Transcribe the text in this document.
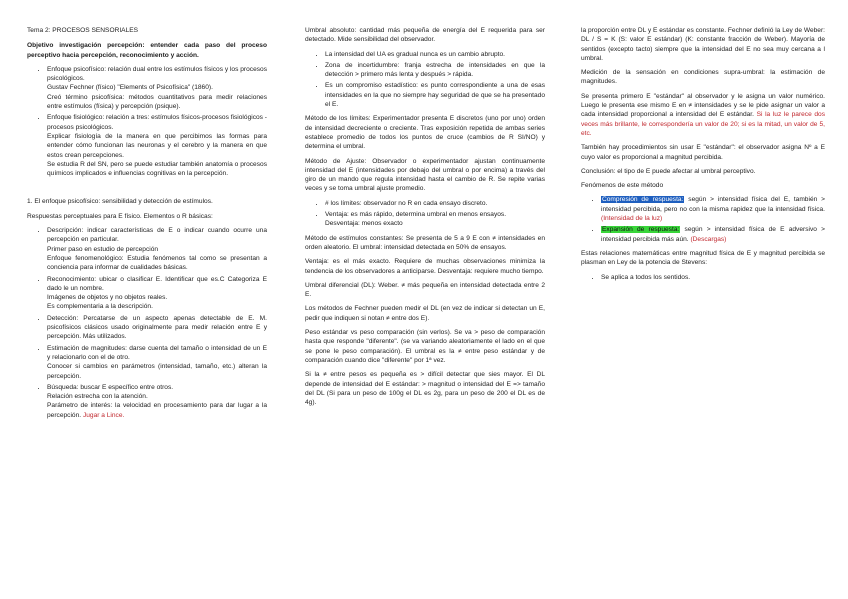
Tema 2: PROCESOS SENSORIALES

Objetivo investigación percepción: entender cada paso del proceso perceptivo hacia percepción, reconocimiento y acción.

• Enfoque psicofísico: relación dual entre los estímulos físicos y los procesos psicológicos.
Gustav Fechner (físico) "Elements of Psicofísica" (1860).
Creó término psicofísica: métodos cuantitativos para medir relaciones entre estímulos (física) y percepción (psique).
• Enfoque fisiológico: relación a tres: estímulos físicos-procesos fisiológicos - procesos psicológicos.
Explicar fisiología de la manera en que percibimos las formas para entender cómo funcionan las neuronas y el cerebro y la manera en que estos crean percepciones.
Se estudia R del SN, pero se puede estudiar también anatomía o procesos químicos implicados e influencias cognitivas en la percepción.

1. El enfoque psicofísico: sensibilidad y detección de estímulos.

Respuestas perceptuales para E físico. Elementos o R básicas:

• Descripción: indicar características de E o indicar cuando ocurre una percepción en particular.
Primer paso en estudio de percepción
Enfoque fenomenológico: Estudia fenómenos tal como se presentan a conciencia para informar de cualidades básicas.
• Reconocimiento: ubicar o clasificar E. Identificar que es.C Categoriza E dado le un nombre.
Imágenes de objetos y no objetos reales.
Es complementaria a la descripción.
• Detección: Percatarse de un aspecto apenas detectable de E. M. psicofísicos clásicos usado originalmente para medir relación entre E y percepción. Más utilizados.
• Estimación de magnitudes: darse cuenta del tamaño o intensidad de un E y relacionarlo con el de otro.
Conocer si cambios en parámetros (intensidad, tamaño, etc.) alteran la percepción.
• Búsqueda: buscar E específico entre otros.
Relación estrecha con la atención.
Parámetro de interés: la velocidad en procesamiento para dar lugar a la percepción. Jugar a Lince.

Umbral absoluto: cantidad más pequeña de energía del E requerida para ser detectado. Mide sensibilidad del observador.

• La intensidad del UA es gradual nunca es un cambio abrupto.
• Zona de incertidumbre: franja estrecha de intensidades en que la detección > primero más lenta y después > rápida.
• Es un compromiso estadístico: es punto correspondiente a una de esas intensidades en la que no siempre hay seguridad de que se ha presentado el E.

Método de los límites: Experimentador presenta E discretos (uno por uno) orden de intensidad decreciente o creciente. Tras exposición repetida de ambas series establece promedio de todos los puntos de cruce (cambios de R SI/NO) y determina el umbral.

Método de Ajuste: Observador o experimentador ajustan continuamente intensidad del E (intensidades por debajo del umbral o por encima) a través del giro de un mando que regula intensidad hasta el cambio de R. Se repite varias veces y se toma umbral ajuste promedio.

• # los límites: observador no R en cada ensayo discreto.
• Ventaja: es más rápido, determina umbral en menos ensayos.
Desventaja: menos exacto

Método de estímulos constantes: Se presenta de 5 a 9 E con ≠ intensidades en orden aleatorio. El umbral: intensidad detectada en 50% de ensayos.

Ventaja: es el más exacto. Requiere de muchas observaciones minimiza la tendencia de los observadores a anticiparse. Desventaja: requiere mucho tiempo.

Umbral diferencial (DL): Weber. ≠ más pequeña en intensidad detectada entre 2 E.

Los métodos de Fechner pueden medir el DL (en vez de indicar si detectan un E, pedir que indiquen si notan ≠ entre dos E).

Peso estándar vs peso comparación (sin verlos). Se va > peso de comparación hasta que responde "diferente". (se va variando aleatoriamente el lado en el que se pone le peso comparación). El umbral es la ≠ entre peso estándar y de comparación cuando dice "diferente" por 1ª vez.

Si la ≠ entre pesos es pequeña es > difícil detectar que sies mayor. El DL depende de intensidad del E estándar: > magnitud o intensidad del E => tamaño del DL (Si para un peso de 100g el DL es 2g, para un peso de 200 el DL es de 4g).

la proporción entre DL y E estándar es constante. Fechner definió la Ley de Weber: DL / S = K (S: valor E estándar) (K: constante fracción de Weber). Mayoría de sentidos (excepto tacto) siempre que la intensidad del E no sea muy cercana a l umbral.

Medición de la sensación en condiciones supra-umbral: la estimación de magnitudes.

Se presenta primero E "estándar" al observador y le asigna un valor numérico. Luego le presenta ese mismo E en ≠ intensidades y se le pide asignar un valor a cada intensidad proporcional a intensidad del E estándar. Si la luz le parece dos veces más brillante, le correspondería un valor de 20; si es la mitad, un valor de 5, etc.

También hay procedimientos sin usar E "estándar": el observador asigna Nº a E cuyo valor es proporcional a magnitud percibida.

Conclusión: el tipo de E puede afectar al umbral perceptivo.

Fenómenos de este método

• Compresión de respuesta: según > intensidad física del E, también > intensidad percibida, pero no con la misma rapidez que la intensidad física. (Intensidad de la luz)
• Expansión de respuesta: según > intensidad física de E adversivo > intensidad percibida más aún. (Descargas)

Estas relaciones matemáticas entre magnitud física de E y magnitud percibida se plasman en Ley de la potencia de Stevens:

• Se aplica a todos los sentidos.
